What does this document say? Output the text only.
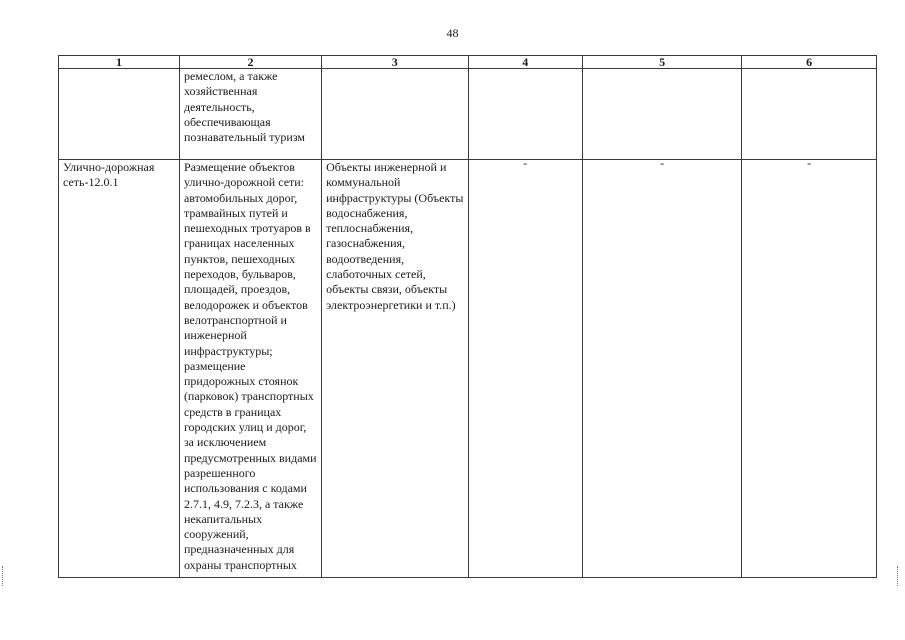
48
1	2	3	4	5	6
	ремеслом, а также хозяйственная деятельность, обеспечивающая познавательный туризм				
Улично-дорожная сеть-12.0.1	Размещение объектов улично-дорожной сети: автомобильных дорог, трамвайных путей и пешеходных тротуаров в границах населенных пунктов, пешеходных переходов, бульваров, площадей, проездов, велодорожек и объектов велотранспортной и инженерной инфраструктуры; размещение придорожных стоянок (парковок) транспортных средств в границах городских улиц и дорог, за исключением предусмотренных видами разрешенного использования с кодами 2.7.1, 4.9, 7.2.3, а также некапитальных сооружений, предназначенных для охраны транспортных	Объекты инженерной и коммунальной инфраструктуры (Объекты водоснабжения, теплоснабжения, газоснабжения, водоотведения, слаботочных сетей, объекты связи, объекты электроэнергетики и т.п.)	-	-	-
